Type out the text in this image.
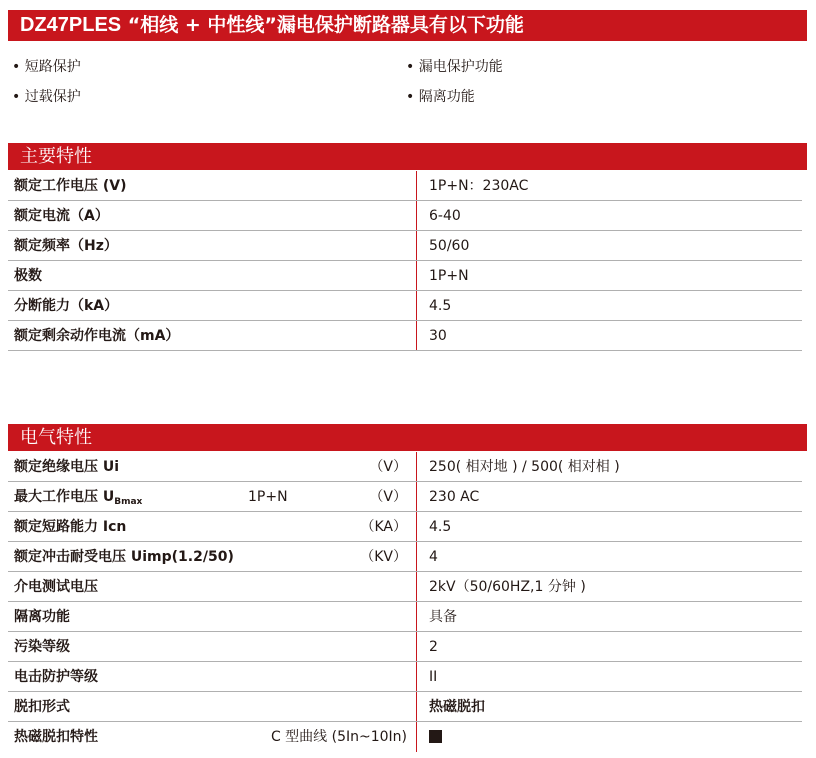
DZ47PLES “相线 + 中性线”漏电保护断路器具有以下功能
• 短路保护	• 漏电保护功能
• 过载保护	• 隔离功能
主要特性
额定工作电压 (V)	1P+N：230AC
额定电流（A）	6-40
额定频率（Hz）	50/60
极数	1P+N
分断能力（kA）	4.5
额定剩余动作电流（mA）	30
电气特性
额定绝缘电压 Ui	（V） 250( 相对地 ) / 500( 相对相 )
最大工作电压 $U_{Bmax}$	1P+N	（V） 230 AC
额定短路能力 Icn	（KA） 4.5
额定冲击耐受电压 Uimp(1.2/50)	（KV） 4
介电测试电压	2kV（50/60HZ,1 分钟 )
隔离功能	具备
污染等级	2
电击防护等级	II
脱扣形式	热磁脱扣
热磁脱扣特性	C 型曲线 (5In~10In)
